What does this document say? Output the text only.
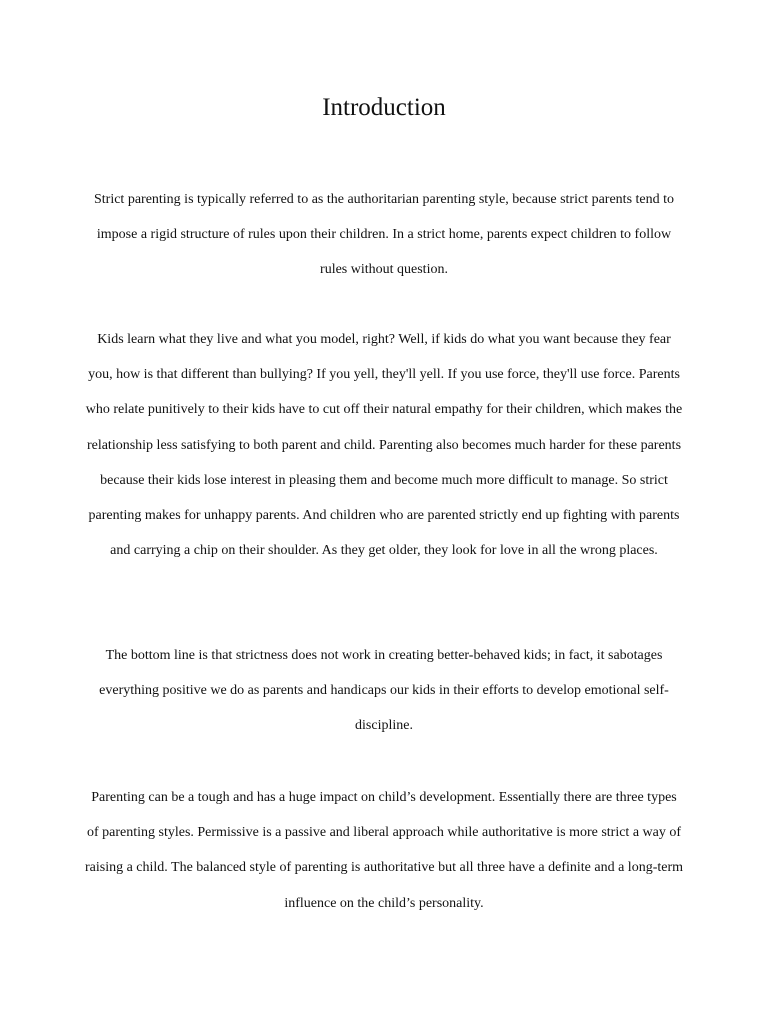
Introduction

Strict parenting is typically referred to as the authoritarian parenting style, because strict parents tend to impose a rigid structure of rules upon their children. In a strict home, parents expect children to follow rules without question.

Kids learn what they live and what you model, right? Well, if kids do what you want because they fear you, how is that different than bullying? If you yell, they'll yell. If you use force, they'll use force. Parents who relate punitively to their kids have to cut off their natural empathy for their children, which makes the relationship less satisfying to both parent and child. Parenting also becomes much harder for these parents because their kids lose interest in pleasing them and become much more difficult to manage. So strict parenting makes for unhappy parents. And children who are parented strictly end up fighting with parents and carrying a chip on their shoulder. As they get older, they look for love in all the wrong places.

The bottom line is that strictness does not work in creating better-behaved kids; in fact, it sabotages everything positive we do as parents and handicaps our kids in their efforts to develop emotional self-discipline.

Parenting can be a tough and has a huge impact on child’s development. Essentially there are three types of parenting styles. Permissive is a passive and liberal approach while authoritative is more strict a way of raising a child. The balanced style of parenting is authoritative but all three have a definite and a long-term influence on the child’s personality.
